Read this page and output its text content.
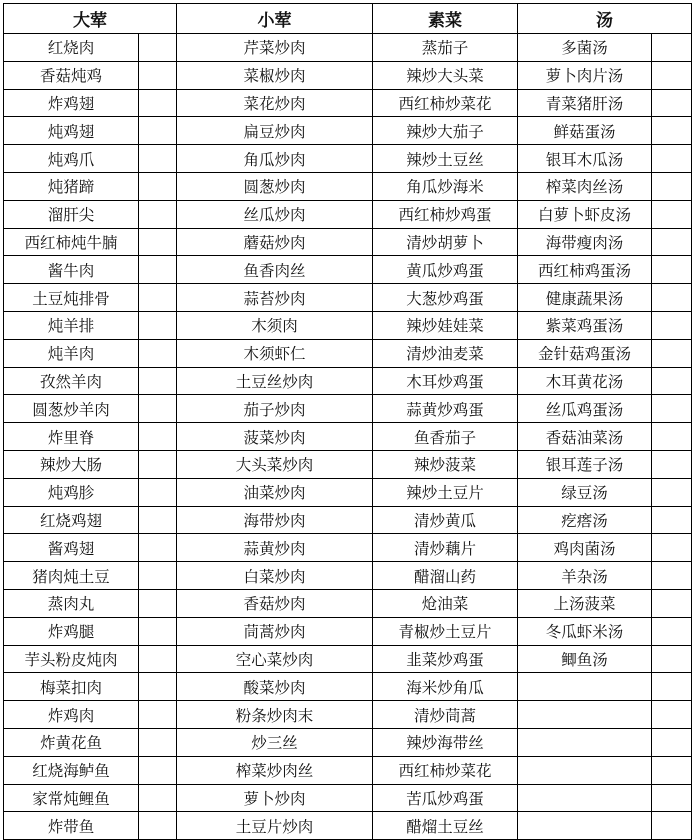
大荤		小荤	素菜	汤	
红烧肉		芹菜炒肉	蒸茄子	多菌汤	
香菇炖鸡		菜椒炒肉	辣炒大头菜	萝卜肉片汤	
炸鸡翅		菜花炒肉	西红柿炒菜花	青菜猪肝汤	
炖鸡翅		扁豆炒肉	辣炒大茄子	鲜菇蛋汤	
炖鸡爪		角瓜炒肉	辣炒土豆丝	银耳木瓜汤	
炖猪蹄		圆葱炒肉	角瓜炒海米	榨菜肉丝汤	
溜肝尖		丝瓜炒肉	西红柿炒鸡蛋	白萝卜虾皮汤	
西红柿炖牛腩		蘑菇炒肉	清炒胡萝卜	海带瘦肉汤	
酱牛肉		鱼香肉丝	黄瓜炒鸡蛋	西红柿鸡蛋汤	
土豆炖排骨		蒜苔炒肉	大葱炒鸡蛋	健康蔬果汤	
炖羊排		木须肉	辣炒娃娃菜	紫菜鸡蛋汤	
炖羊肉		木须虾仁	清炒油麦菜	金针菇鸡蛋汤	
孜然羊肉		土豆丝炒肉	木耳炒鸡蛋	木耳黄花汤	
圆葱炒羊肉		茄子炒肉	蒜黄炒鸡蛋	丝瓜鸡蛋汤	
炸里脊		菠菜炒肉	鱼香茄子	香菇油菜汤	
辣炒大肠		大头菜炒肉	辣炒菠菜	银耳莲子汤	
炖鸡胗		油菜炒肉	辣炒土豆片	绿豆汤	
红烧鸡翅		海带炒肉	清炒黄瓜	疙瘩汤	
酱鸡翅		蒜黄炒肉	清炒藕片	鸡肉菌汤	
猪肉炖土豆		白菜炒肉	醋溜山药	羊杂汤	
蒸肉丸		香菇炒肉	炝油菜	上汤菠菜	
炸鸡腿		茼蒿炒肉	青椒炒土豆片	冬瓜虾米汤	
芋头粉皮炖肉		空心菜炒肉	韭菜炒鸡蛋	鲫鱼汤	
梅菜扣肉		酸菜炒肉	海米炒角瓜		
炸鸡肉		粉条炒肉末	清炒茼蒿		
炸黄花鱼		炒三丝	辣炒海带丝		
红烧海鲈鱼		榨菜炒肉丝	西红柿炒菜花		
家常炖鲤鱼		萝卜炒肉	苦瓜炒鸡蛋		
炸带鱼		土豆片炒肉	醋熘土豆丝		
